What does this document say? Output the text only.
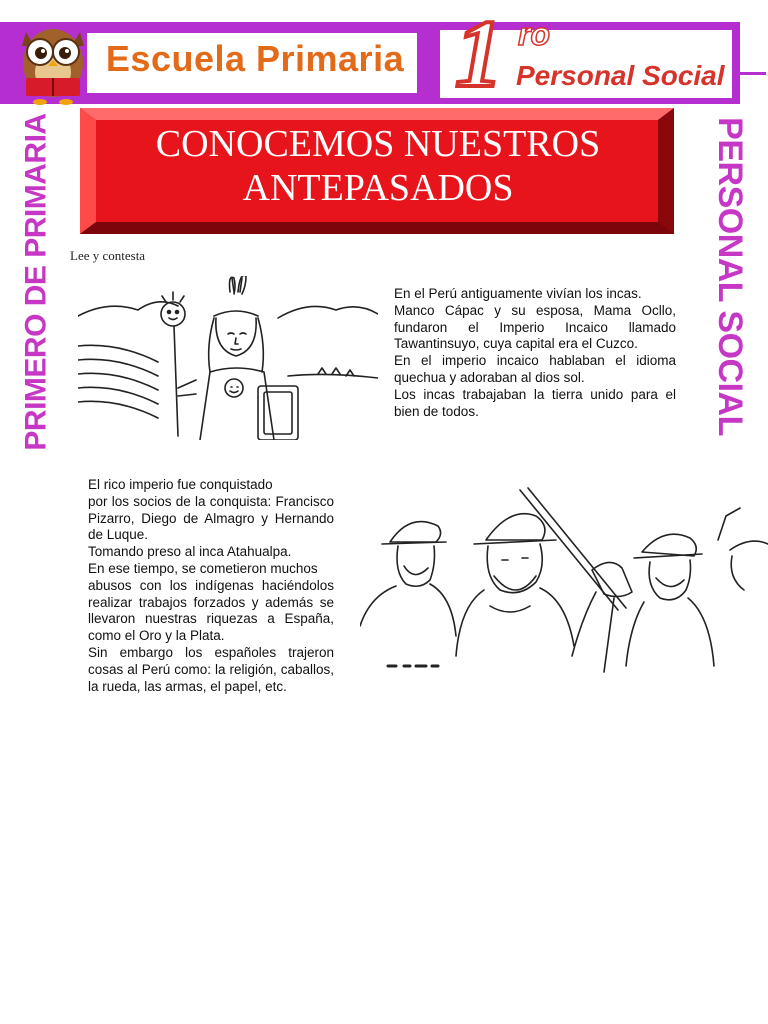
Escuela Primaria 1 ro
Personal Social
CONOCEMOS NUESTROS
ANTEPASADOS
PRIMERO DE PRIMARIA	PERSONAL SOCIAL
Lee y contesta

En el Perú antiguamente vivían los incas.

Manco Cápac y su esposa, Mama Ocllo, fundaron el Imperio Incaico llamado Tawantinsuyo, cuya capital era el Cuzco.

En el imperio incaico hablaban el idioma quechua y adoraban al dios sol.

Los incas trabajaban la tierra unido para el bien de todos.

El rico imperio fue conquistado

por los socios de la conquista: Francisco Pizarro, Diego de Almagro y Hernando de Luque.

Tomando preso al inca Atahualpa.

En ese tiempo, se cometieron muchos

abusos con los indígenas haciéndolos realizar trabajos forzados y además se llevaron nuestras riquezas a España, como el Oro y la Plata.

Sin embargo los españoles trajeron cosas al Perú como: la religión, caballos, la rueda, las armas, el papel, etc.
